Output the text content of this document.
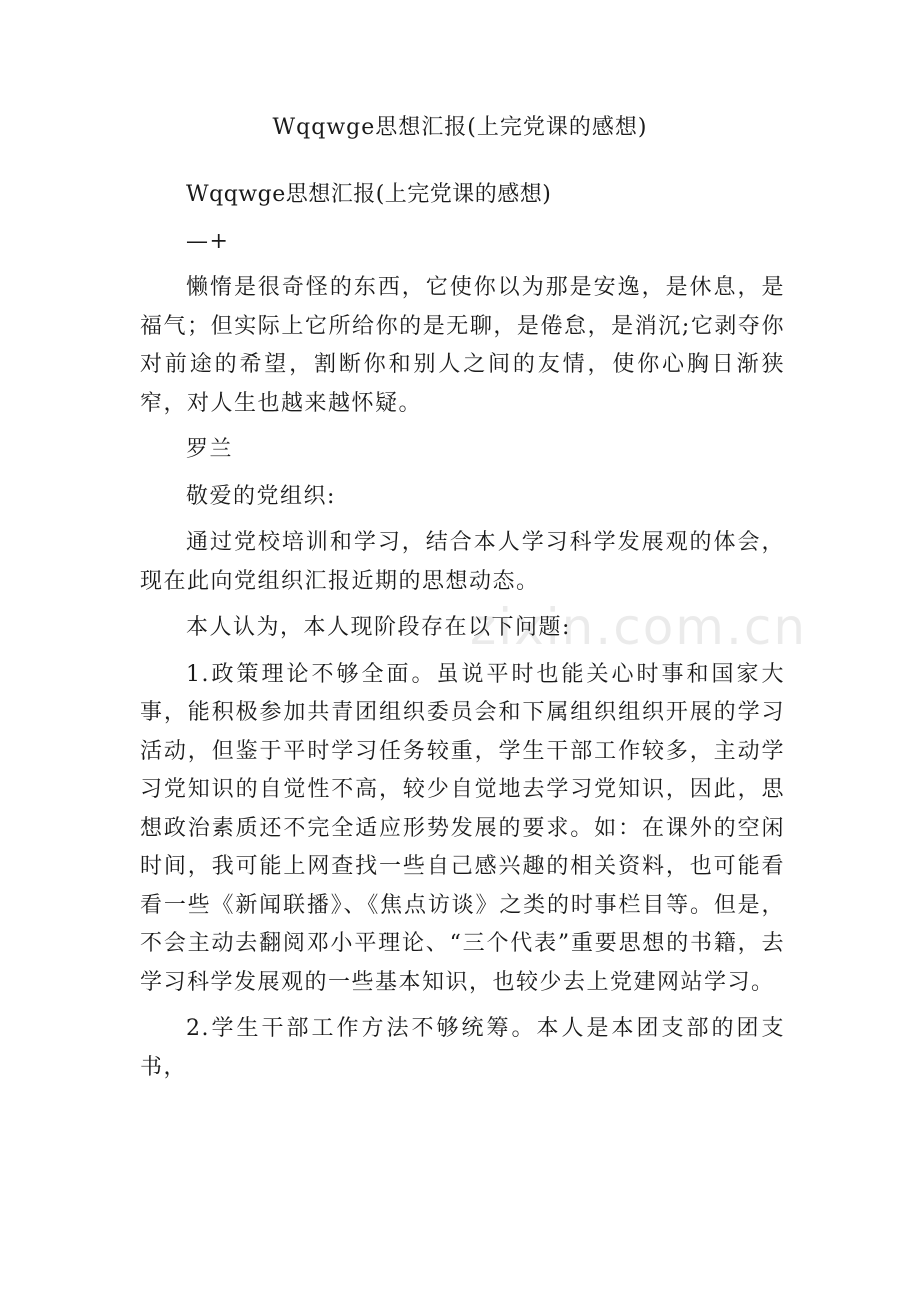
Wqqwge思想汇报(上完党课的感想)

Wqqwge思想汇报(上完党课的感想)

—+

懒惰是很奇怪的东西，它使你以为那是安逸，是休息，是福气；但实际上它所给你的是无聊，是倦怠，是消沉;它剥夺你对前途的希望，割断你和别人之间的友情，使你心胸日渐狭窄，对人生也越来越怀疑。

罗兰

敬爱的党组织:

通过党校培训和学习，结合本人学习科学发展观的体会，现在此向党组织汇报近期的思想动态。

本人认为，本人现阶段存在以下问题:

1.政策理论不够全面。虽说平时也能关心时事和国家大事，能积极参加共青团组织委员会和下属组织组织开展的学习活动，但鉴于平时学习任务较重，学生干部工作较多，主动学习党知识的自觉性不高，较少自觉地去学习党知识，因此，思想政治素质还不完全适应形势发展的要求。如：在课外的空闲时间，我可能上网查找一些自己感兴趣的相关资料，也可能看看一些《新闻联播》、《焦点访谈》之类的时事栏目等。但是，不会主动去翻阅邓小平理论、“三个代表”重要思想的书籍，去学习科学发展观的一些基本知识，也较少去上党建网站学习。

2.学生干部工作方法不够统筹。本人是本团支部的团支书，

zixin.com.cn
